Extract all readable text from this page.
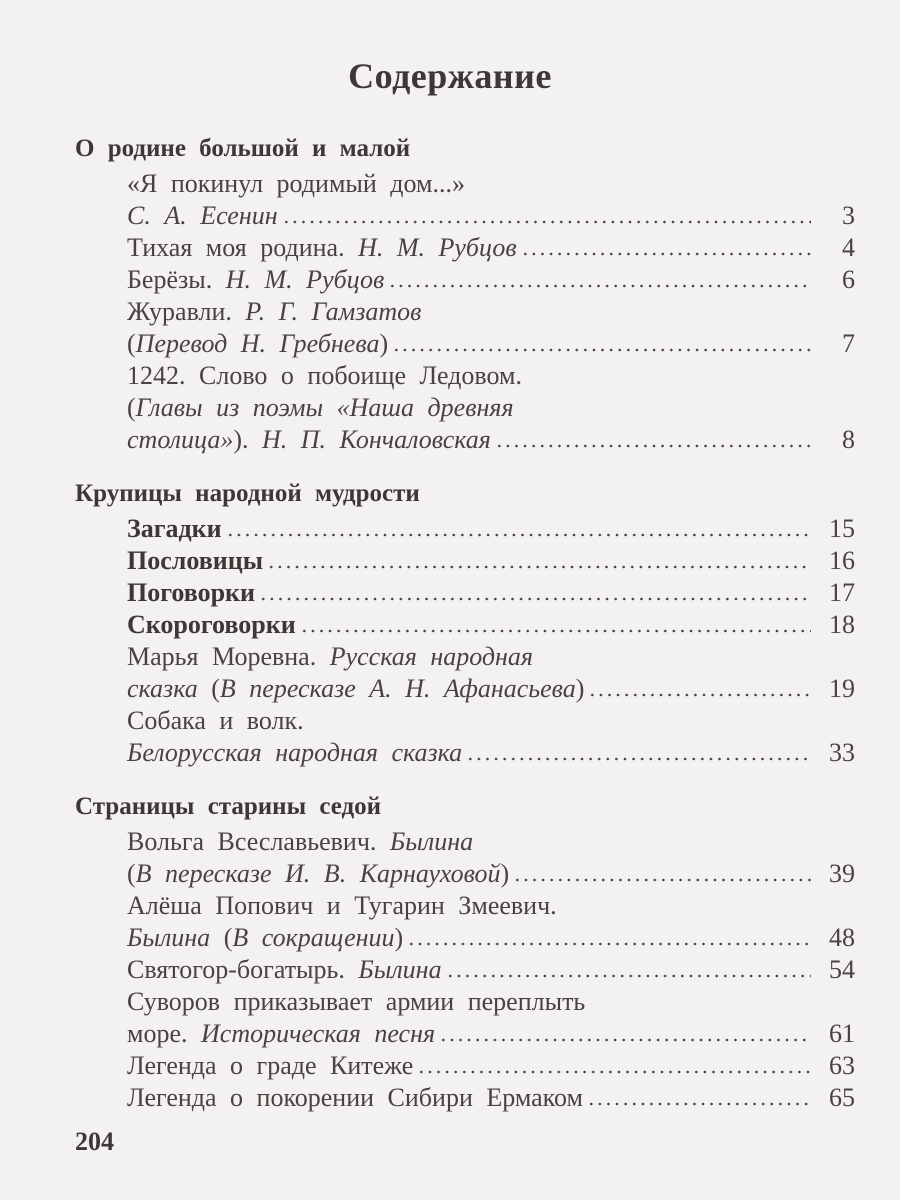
Содержание
О родине большой и малой
«Я покинул родимый дом...»
С. А. Есенин	3
Тихая моя родина. Н. М. Рубцов	4
Берёзы. Н. М. Рубцов	6
Журавли. Р. Г. Гамзатов
(Перевод Н. Гребнева)	7
1242. Слово о побоище Ледовом.
(Главы из поэмы «Наша древняя
столица»). Н. П. Кончаловская	8
Крупицы народной мудрости
Загадки	15
Пословицы	16
Поговорки	17
Скороговорки	18
Марья Моревна. Русская народная
сказка (В пересказе А. Н. Афанасьева)	19
Собака и волк.
Белорусская народная сказка	33
Страницы старины седой
Вольга Всеславьевич. Былина
(В пересказе И. В. Карнауховой)	39
Алёша Попович и Тугарин Змеевич.
Былина (В сокращении)	48
Святогор-богатырь. Былина	54
Суворов приказывает армии переплыть
море. Историческая песня	61
Легенда о граде Китеже	63
Легенда о покорении Сибири Ермаком	65
204
